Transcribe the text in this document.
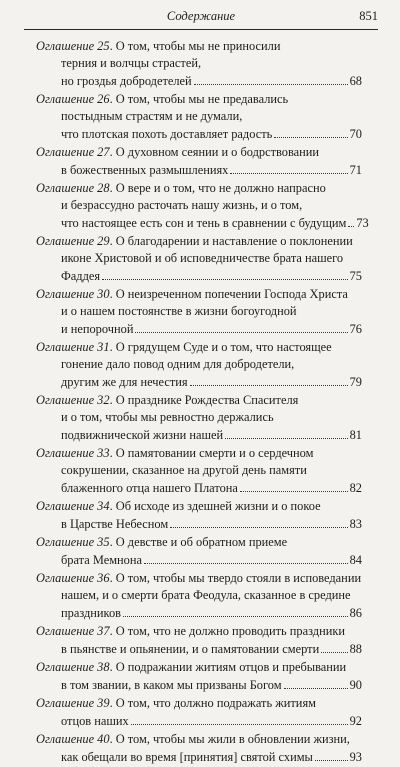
Содержание	851
Оглашение 25. О том, чтобы мы не приносили
терния и волчцы страстей,
но гроздья добродетелей	68
Оглашение 26. О том, чтобы мы не предавались
постыдным страстям и не думали,
что плотская похоть доставляет радость	70
Оглашение 27. О духовном сеянии и о бодрствовании
в божественных размышлениях	71
Оглашение 28. О вере и о том, что не должно напрасно
и безрассудно расточать нашу жизнь, и о том,
что настоящее есть сон и тень в сравнении с будущим 73
Оглашение 29. О благодарении и наставление о поклонении
иконе Христовой и об исповедничестве брата нашего
Фаддея	75
Оглашение 30. О неизреченном попечении Господа Христа
и о нашем постоянстве в жизни богоугодной
и непорочной	76
Оглашение 31. О грядущем Суде и о том, что настоящее
гонение дало повод одним для добродетели,
другим же для нечестия	79
Оглашение 32. О празднике Рождества Спасителя
и о том, чтобы мы ревностно держались
подвижнической жизни нашей	81
Оглашение 33. О памятовании смерти и о сердечном
сокрушении, сказанное на другой день памяти
блаженного отца нашего Платона	82
Оглашение 34. Об исходе из здешней жизни и о покое
в Царстве Небесном	83
Оглашение 35. О девстве и об обратном приеме
брата Мемнона	84
Оглашение 36. О том, чтобы мы твердо стояли в исповедании
нашем, и о смерти брата Феодула, сказанное в средине
праздников	86
Оглашение 37. О том, что не должно проводить праздники
в пьянстве и опьянении, и о памятовании смерти 88
Оглашение 38. О подражании житиям отцов и пребывании
в том звании, в каком мы призваны Богом	90
Оглашение 39. О том, что должно подражать житиям
отцов наших	92
Оглашение 40. О том, чтобы мы жили в обновлении жизни,
как обещали во время [принятия] святой схимы	93
